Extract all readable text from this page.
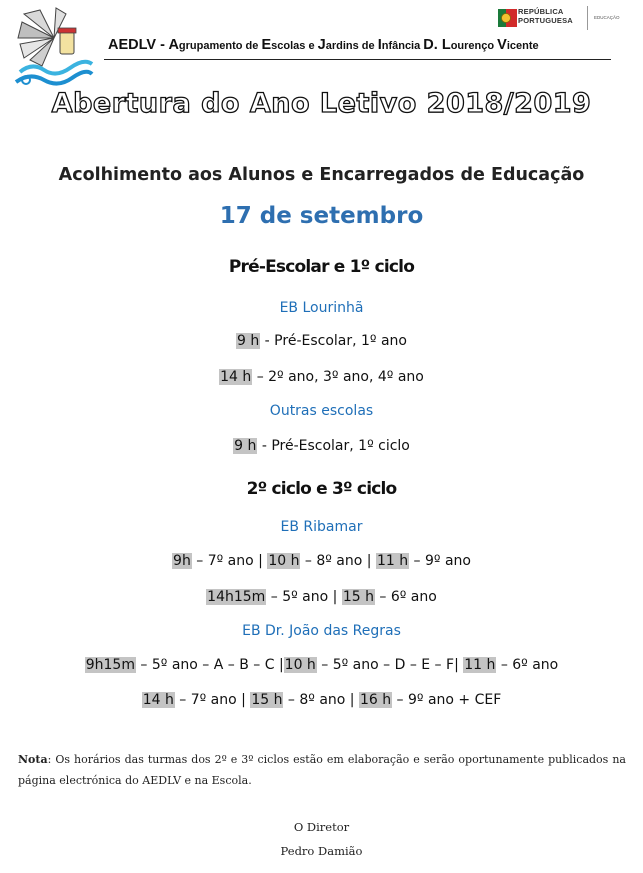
AEDLV - Agrupamento de Escolas e Jardins de Infância D. Lourenço Vicente
REPÚBLICA
PORTUGUESA	EDUCAÇÃO
Abertura do Ano Letivo 2018/2019
Acolhimento aos Alunos e Encarregados de Educação
17 de setembro
Pré-Escolar e 1º ciclo
EB Lourinhã
9 h - Pré-Escolar, 1º ano
14 h – 2º ano, 3º ano, 4º ano
Outras escolas
9 h - Pré-Escolar, 1º ciclo
2º ciclo e 3º ciclo
EB Ribamar
9h – 7º ano | 10 h – 8º ano | 11 h – 9º ano
14h15m – 5º ano | 15 h – 6º ano
EB Dr. João das Regras
9h15m – 5º ano – A – B – C |10 h – 5º ano – D – E – F| 11 h – 6º ano
14 h – 7º ano | 15 h – 8º ano | 16 h – 9º ano + CEF
Nota: Os horários das turmas dos 2º e 3º ciclos estão em elaboração e serão oportunamente publicados na página electrónica do AEDLV e na Escola.
O Diretor
Pedro Damião
